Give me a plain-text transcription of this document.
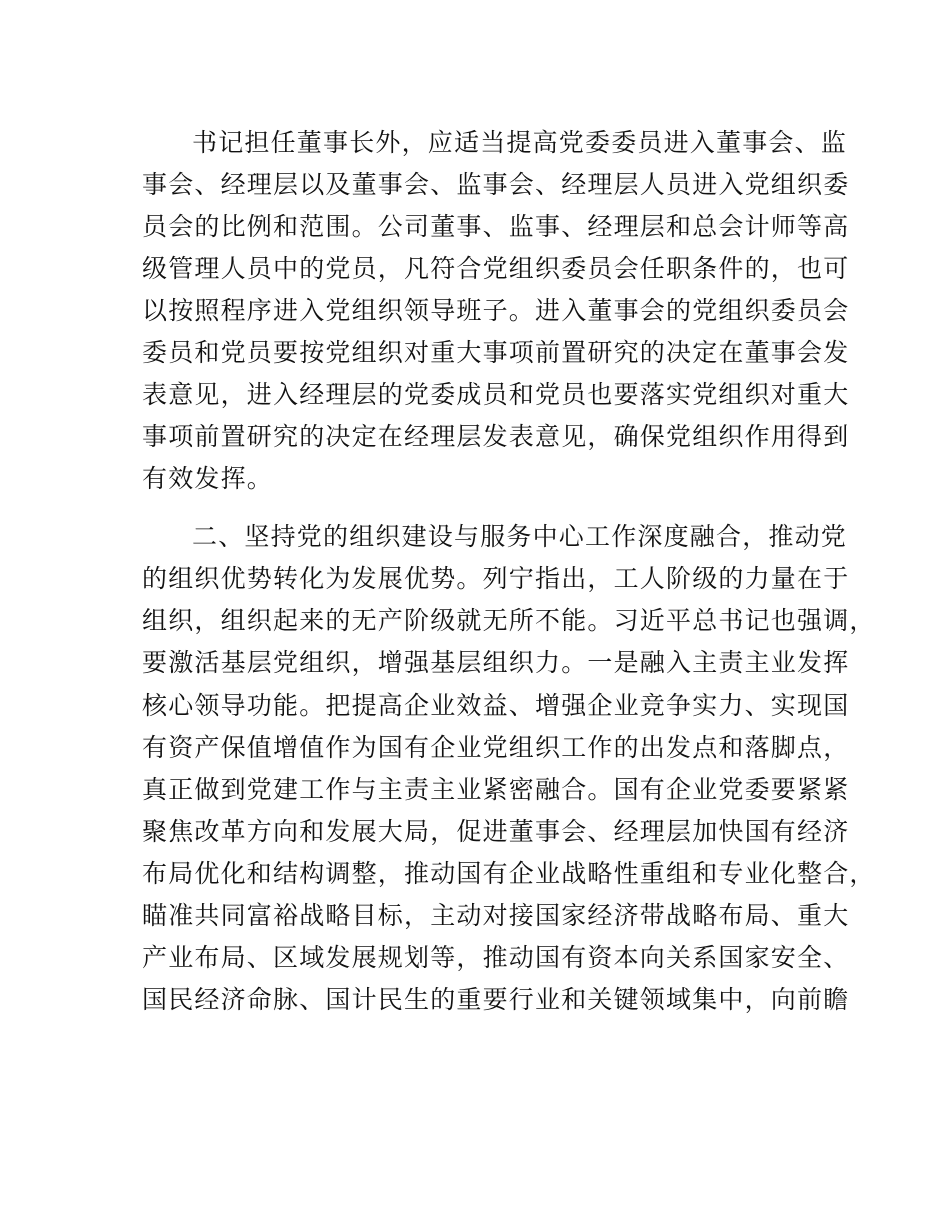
书记担任董事长外，应适当提高党委委员进入董事会、监
事会、经理层以及董事会、监事会、经理层人员进入党组织委
员会的比例和范围。公司董事、监事、经理层和总会计师等高
级管理人员中的党员，凡符合党组织委员会任职条件的，也可
以按照程序进入党组织领导班子。进入董事会的党组织委员会
委员和党员要按党组织对重大事项前置研究的决定在董事会发
表意见，进入经理层的党委成员和党员也要落实党组织对重大
事项前置研究的决定在经理层发表意见，确保党组织作用得到
有效发挥。
二、坚持党的组织建设与服务中心工作深度融合，推动党
的组织优势转化为发展优势。列宁指出，工人阶级的力量在于
组织，组织起来的无产阶级就无所不能。习近平总书记也强调，
要激活基层党组织，增强基层组织力。一是融入主责主业发挥
核心领导功能。把提高企业效益、增强企业竞争实力、实现国
有资产保值增值作为国有企业党组织工作的出发点和落脚点，
真正做到党建工作与主责主业紧密融合。国有企业党委要紧紧
聚焦改革方向和发展大局，促进董事会、经理层加快国有经济
布局优化和结构调整，推动国有企业战略性重组和专业化整合，
瞄准共同富裕战略目标，主动对接国家经济带战略布局、重大
产业布局、区域发展规划等，推动国有资本向关系国家安全、
国民经济命脉、国计民生的重要行业和关键领域集中，向前瞻
